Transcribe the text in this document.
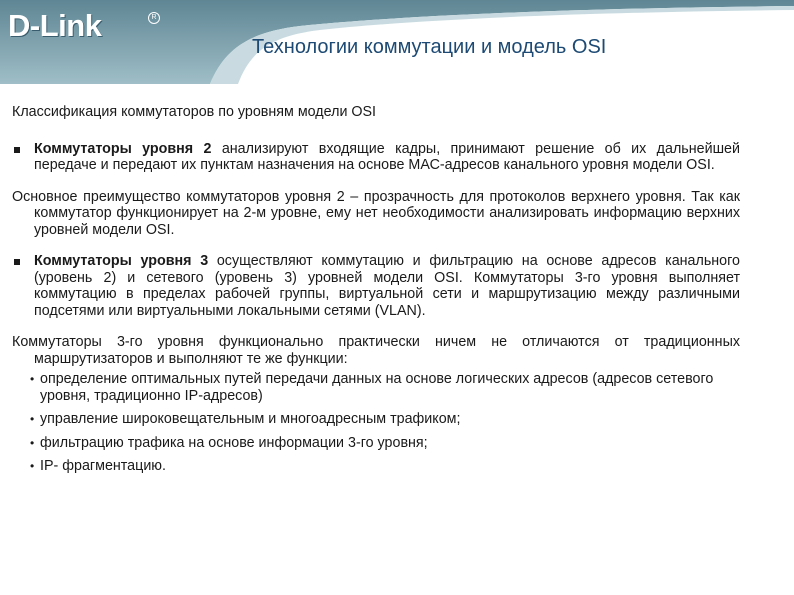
D-Link	R
Технологии коммутации и модель OSI
Классификация коммутаторов по уровням модели OSI
Коммутаторы уровня 2 анализируют входящие кадры, принимают решение об их дальнейшей передаче и передают их пунктам назначения на основе МАС-адресов канального уровня модели OSI.
Основное преимущество коммутаторов уровня 2 – прозрачность для протоколов верхнего уровня. Так как коммутатор функционирует на 2-м уровне, ему нет необходимости анализировать информацию верхних уровней модели OSI.
Коммутаторы уровня 3 осуществляют коммутацию и фильтрацию на основе адресов канального (уровень 2) и сетевого (уровень 3) уровней модели OSI. Коммутаторы 3-го уровня выполняет коммутацию в пределах рабочей группы, виртуальной сети и маршрутизацию между различными подсетями или виртуальными локальными сетями (VLAN).
Коммутаторы 3-го уровня функционально практически ничем не отличаются от традиционных маршрутизаторов и выполняют те же функции:
• определение оптимальных путей передачи данных на основе логических адресов (адресов сетевого уровня, традиционно IP-адресов)
• управление широковещательным и многоадресным трафиком;
• фильтрацию трафика на основе информации 3-го уровня;
• IP- фрагментацию.
